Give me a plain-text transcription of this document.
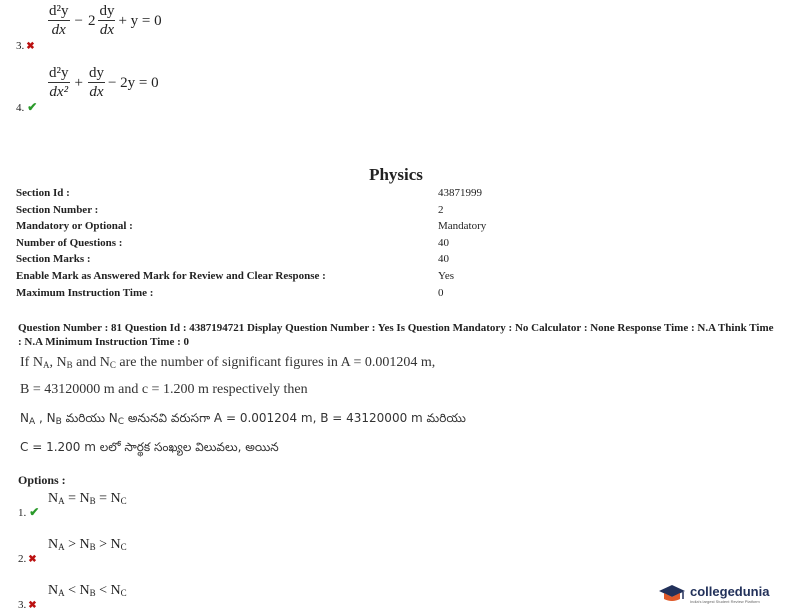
$\frac{\text{d²y}}{dx} - 2 \frac{dy}{dx} + y = 0$
3. ✖
$\frac{\text{d²y}}{\text{dx²}} + \frac{dy}{dx} - 2y = 0$
4. ✔
Physics
Section Id :	43871999
Section Number :	2
Mandatory or Optional :	Mandatory
Number of Questions :	40
Section Marks :	40
Enable Mark as Answered Mark for Review and Clear Response :	Yes
Maximum Instruction Time :	0
Question Number : 81 Question Id : 4387194721 Display Question Number : Yes Is Question Mandatory : No Calculator : None Response Time : N.A Think Time : N.A Minimum Instruction Time : 0
If $N_A$, $N_B$ and $N_C$ are the number of significant figures in A = 0.001204 m,
B = 43120000 m and c = 1.200 m respectively then
$N_A$ , $N_B$ మరియు $N_C$ అనునవి వరుసగా A = 0.001204 m, B = 43120000 m మరియు
C = 1.200 m లలో సార్థక సంఖ్యల విలువలు, అయిన
Options :
$N_A = N_B = N_C$
1. ✔
$N_A > N_B > N_C$
2. ✖
$N_A < N_B < N_C$
3. ✖
collegedunia
India's largest Student Review Platform
